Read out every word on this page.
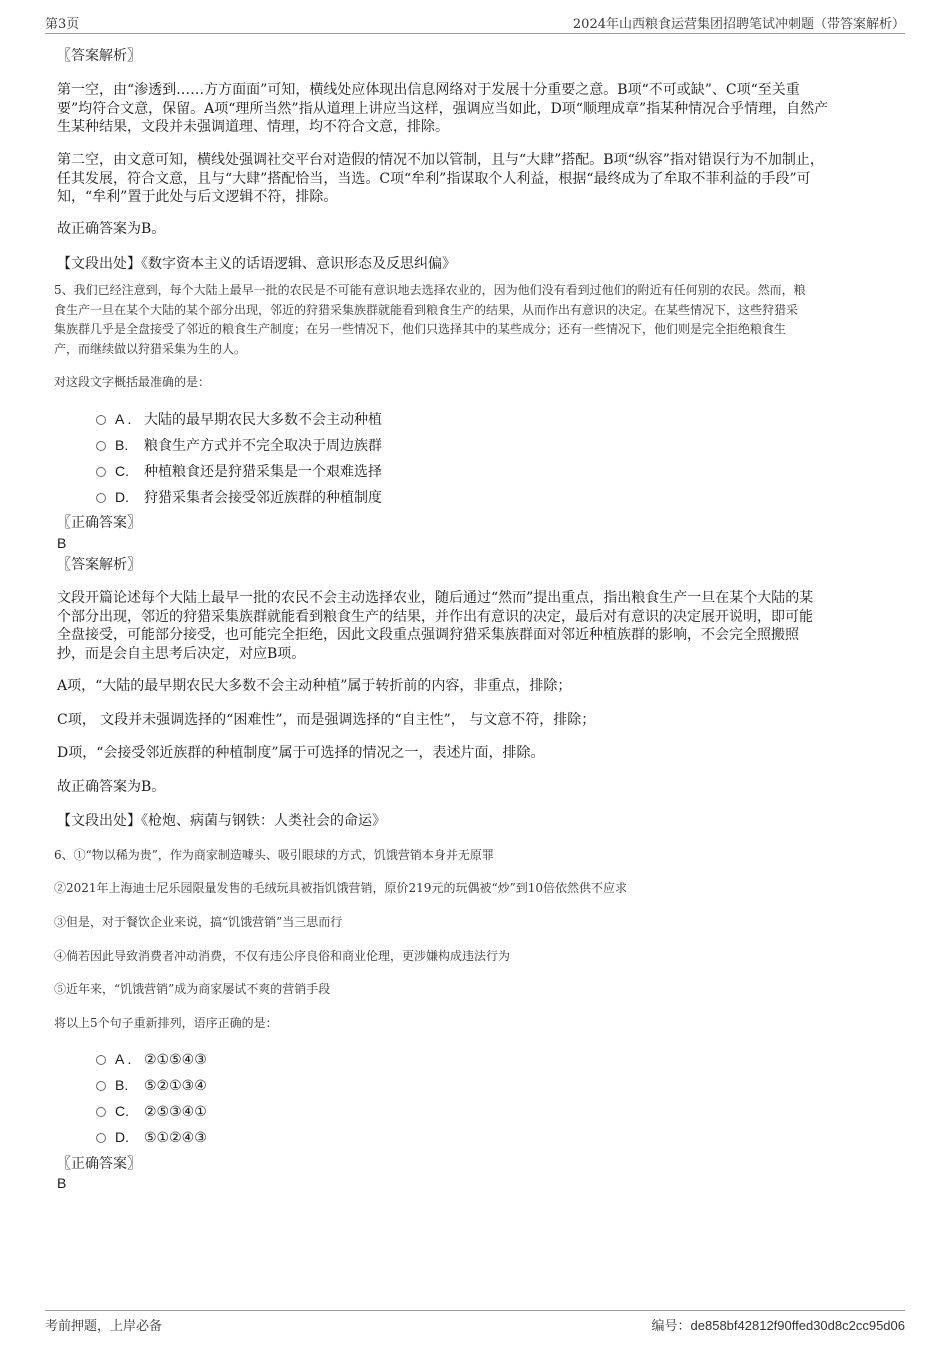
第3页	2024年山西粮食运营集团招聘笔试冲刺题（带答案解析）
〖答案解析〗
第一空，由“渗透到……方方面面”可知，横线处应体现出信息网络对于发展十分重要之意。B项“不可或缺”、C项“至关重
要”均符合文意，保留。A项“理所当然”指从道理上讲应当这样，强调应当如此，D项“顺理成章”指某种情况合乎情理，自然产
生某种结果，文段并未强调道理、情理，均不符合文意，排除。
第二空，由文意可知，横线处强调社交平台对造假的情况不加以管制，且与“大肆”搭配。B项“纵容”指对错误行为不加制止，
任其发展，符合文意，且与“大肆”搭配恰当，当选。C项“牟利”指谋取个人利益，根据“最终成为了牟取不菲利益的手段”可
知，“牟利”置于此处与后文逻辑不符，排除。
故正确答案为B。
【文段出处】《数字资本主义的话语逻辑、意识形态及反思纠偏》
5、我们已经注意到，每个大陆上最早一批的农民是不可能有意识地去选择农业的，因为他们没有看到过他们的附近有任何别的农民。然而，粮
食生产一旦在某个大陆的某个部分出现，邻近的狩猎采集族群就能看到粮食生产的结果，从而作出有意识的决定。在某些情况下，这些狩猎采
集族群几乎是全盘接受了邻近的粮食生产制度；在另一些情况下，他们只选择其中的某些成分；还有一些情况下，他们则是完全拒绝粮食生
产，而继续做以狩猎采集为生的人。
对这段文字概括最准确的是：
A . 大陆的最早期农民大多数不会主动种植
B. 粮食生产方式并不完全取决于周边族群
C. 种植粮食还是狩猎采集是一个艰难选择
D. 狩猎采集者会接受邻近族群的种植制度
〖正确答案〗
B
〖答案解析〗
文段开篇论述每个大陆上最早一批的农民不会主动选择农业，随后通过“然而”提出重点，指出粮食生产一旦在某个大陆的某
个部分出现，邻近的狩猎采集族群就能看到粮食生产的结果，并作出有意识的决定，最后对有意识的决定展开说明，即可能
全盘接受，可能部分接受，也可能完全拒绝，因此文段重点强调狩猎采集族群面对邻近种植族群的影响，不会完全照搬照
抄，而是会自主思考后决定，对应B项。
A项，“大陆的最早期农民大多数不会主动种植”属于转折前的内容，非重点，排除；
C项， 文段并未强调选择的“困难性”，而是强调选择的“自主性”， 与文意不符，排除；
D项，“会接受邻近族群的种植制度”属于可选择的情况之一，表述片面，排除。
故正确答案为B。
【文段出处】《枪炮、病菌与钢铁：人类社会的命运》
6、①“物以稀为贵”，作为商家制造噱头、吸引眼球的方式，饥饿营销本身并无原罪
②2021年上海迪士尼乐园限量发售的毛绒玩具被指饥饿营销，原价219元的玩偶被“炒”到10倍依然供不应求
③但是，对于餐饮企业来说，搞“饥饿营销”当三思而行
④倘若因此导致消费者冲动消费，不仅有违公序良俗和商业伦理，更涉嫌构成违法行为
⑤近年来，“饥饿营销”成为商家屡试不爽的营销手段
将以上5个句子重新排列，语序正确的是：
A . ②①⑤④③
B. ⑤②①③④
C. ②⑤③④①
D. ⑤①②④③
〖正确答案〗
B
考前押题，上岸必备	编号：de858bf42812f90ffed30d8c2cc95d06
